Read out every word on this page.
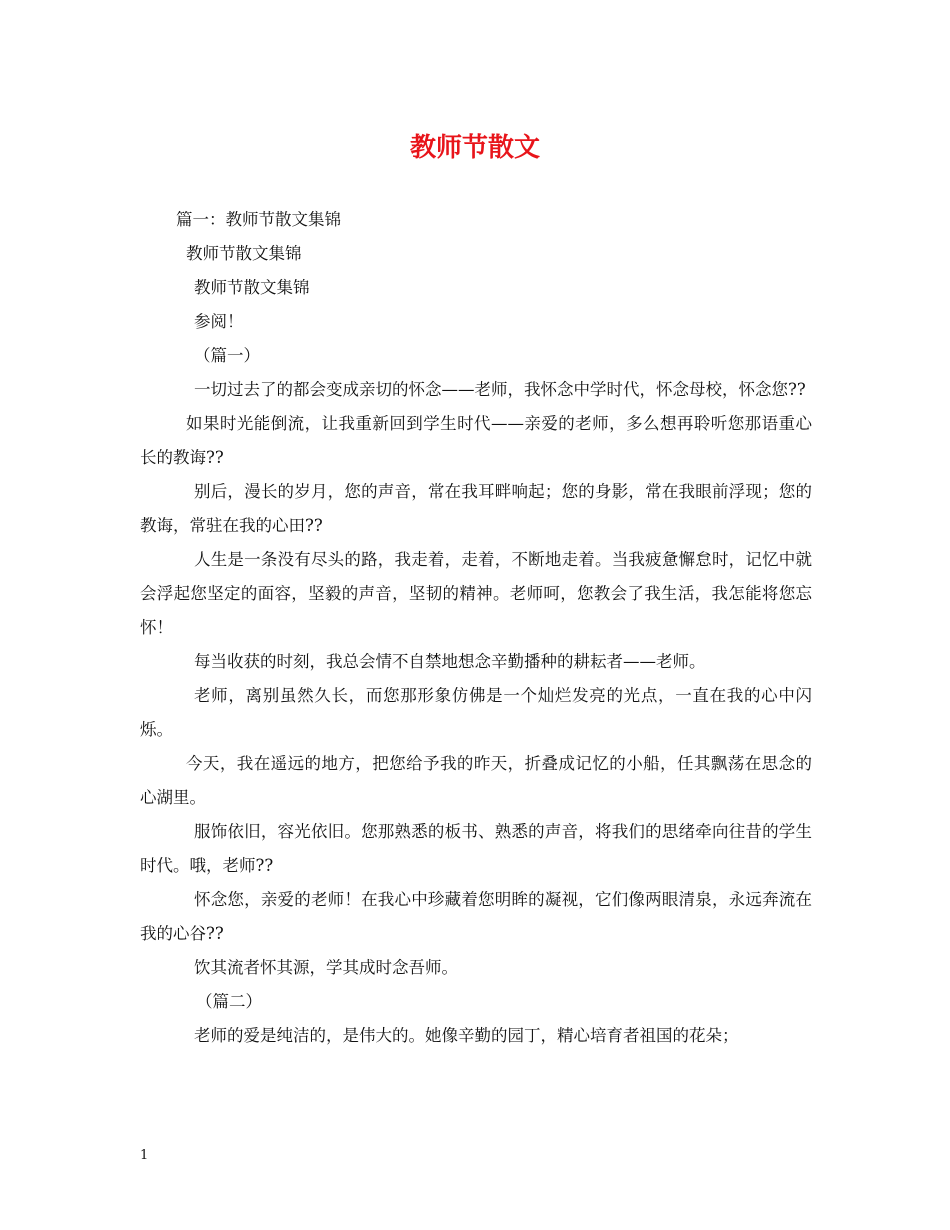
教师节散文

篇一：教师节散文集锦

教师节散文集锦

教师节散文集锦

参阅！

（篇一）

一切过去了的都会变成亲切的怀念——老师，我怀念中学时代，怀念母校，怀念您??

如果时光能倒流，让我重新回到学生时代——亲爱的老师，多么想再聆听您那语重心长的教诲??

别后，漫长的岁月，您的声音，常在我耳畔响起；您的身影，常在我眼前浮现；您的教诲，常驻在我的心田??

人生是一条没有尽头的路，我走着，走着，不断地走着。当我疲惫懈怠时，记忆中就会浮起您坚定的面容，坚毅的声音，坚韧的精神。老师呵，您教会了我生活，我怎能将您忘怀！

每当收获的时刻，我总会情不自禁地想念辛勤播种的耕耘者——老师。

老师，离别虽然久长，而您那形象仿佛是一个灿烂发亮的光点，一直在我的心中闪烁。

今天，我在遥远的地方，把您给予我的昨天，折叠成记忆的小船，任其飘荡在思念的心湖里。

服饰依旧，容光依旧。您那熟悉的板书、熟悉的声音，将我们的思绪牵向往昔的学生时代。哦，老师??

怀念您，亲爱的老师！在我心中珍藏着您明眸的凝视，它们像两眼清泉，永远奔流在我的心谷??

饮其流者怀其源，学其成时念吾师。

（篇二）

老师的爱是纯洁的，是伟大的。她像辛勤的园丁，精心培育者祖国的花朵；

1
